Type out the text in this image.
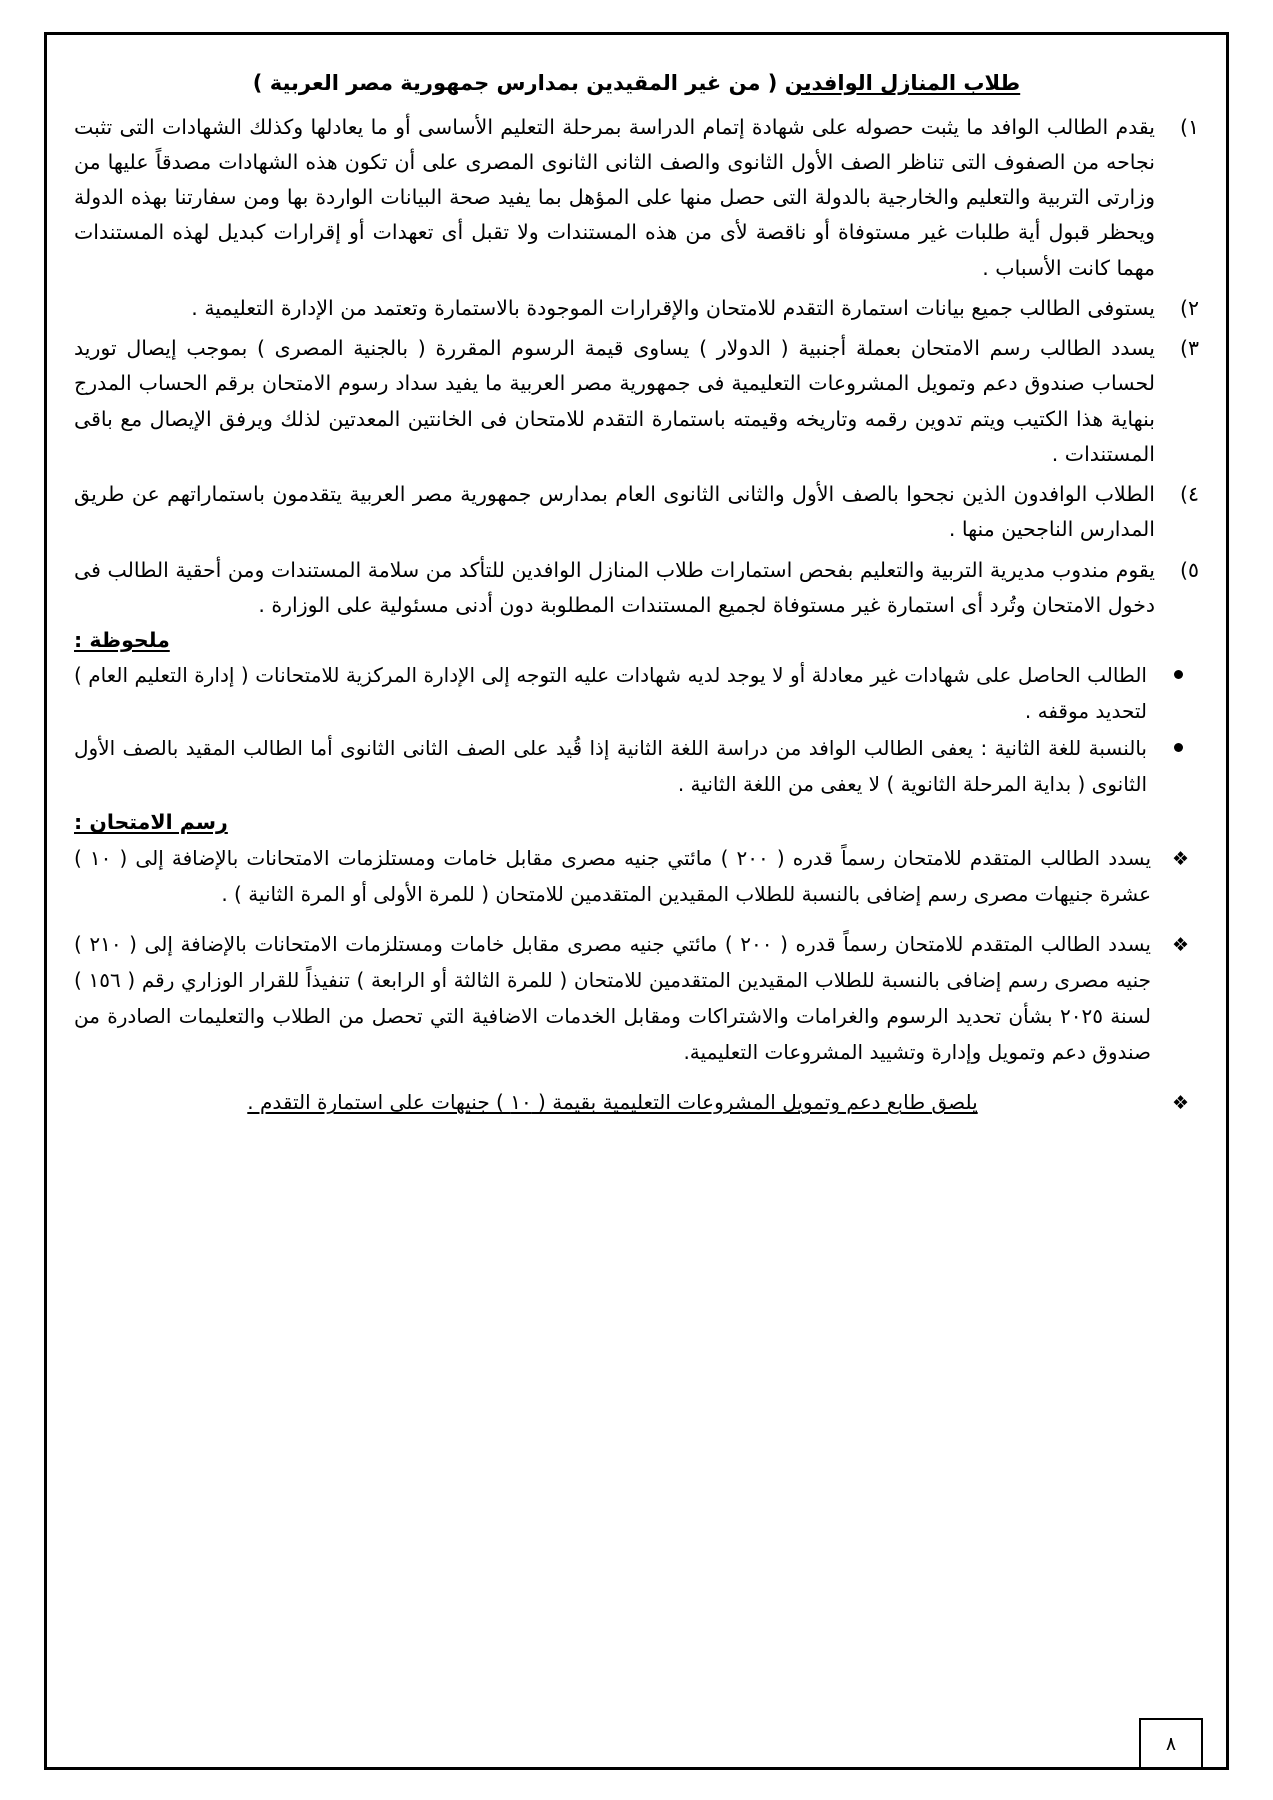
طلاب المنازل الوافدين ( من غير المقيدين بمدارس جمهورية مصر العربية )
١)
يقدم الطالب الوافد ما يثبت حصوله على شهادة إتمام الدراسة بمرحلة التعليم الأساسى أو ما يعادلها وكذلك الشهادات التى تثبت نجاحه من الصفوف التى تناظر الصف الأول الثانوى والصف الثانى الثانوى المصرى على أن تكون هذه الشهادات مصدقاً عليها من وزارتى التربية والتعليم والخارجية بالدولة التى حصل منها على المؤهل بما يفيد صحة البيانات الواردة بها ومن سفارتنا بهذه الدولة ويحظر قبول أية طلبات غير مستوفاة أو ناقصة لأى من هذه المستندات ولا تقبل أى تعهدات أو إقرارات كبديل لهذه المستندات مهما كانت الأسباب .
٢)
يستوفى الطالب جميع بيانات استمارة التقدم للامتحان والإقرارات الموجودة بالاستمارة وتعتمد من الإدارة التعليمية .
٣)
يسدد الطالب رسم الامتحان بعملة أجنبية ( الدولار ) يساوى قيمة الرسوم المقررة ( بالجنية المصرى ) بموجب إيصال توريد لحساب صندوق دعم وتمويل المشروعات التعليمية فى جمهورية مصر العربية ما يفيد سداد رسوم الامتحان برقم الحساب المدرج بنهاية هذا الكتيب ويتم تدوين رقمه وتاريخه وقيمته باستمارة التقدم للامتحان فى الخانتين المعدتين لذلك ويرفق الإيصال مع باقى المستندات .
٤)
الطلاب الوافدون الذين نجحوا بالصف الأول والثانى الثانوى العام بمدارس جمهورية مصر العربية يتقدمون باستماراتهم عن طريق المدارس الناجحين منها .
٥)
يقوم مندوب مديرية التربية والتعليم بفحص استمارات طلاب المنازل الوافدين للتأكد من سلامة المستندات ومن أحقية الطالب فى دخول الامتحان وتُرد أى استمارة غير مستوفاة لجميع المستندات المطلوبة دون أدنى مسئولية على الوزارة .
ملحوظة :
الطالب الحاصل على شهادات غير معادلة أو لا يوجد لديه شهادات عليه التوجه إلى الإدارة المركزية للامتحانات ( إدارة التعليم العام ) لتحديد موقفه .
بالنسبة للغة الثانية : يعفى الطالب الوافد من دراسة اللغة الثانية إذا قُيد على الصف الثانى الثانوى أما الطالب المقيد بالصف الأول الثانوى ( بداية المرحلة الثانوية ) لا يعفى من اللغة الثانية .
رسم الامتحان :
❖
يسدد الطالب المتقدم للامتحان رسماً قدره ( ٢٠٠ ) مائتي جنيه مصرى مقابل خامات ومستلزمات الامتحانات بالإضافة إلى ( ١٠ ) عشرة جنيهات مصرى رسم إضافى بالنسبة للطلاب المقيدين المتقدمين للامتحان ( للمرة الأولى أو المرة الثانية ) .
❖
يسدد الطالب المتقدم للامتحان رسماً قدره ( ٢٠٠ ) مائتي جنيه مصرى مقابل خامات ومستلزمات الامتحانات بالإضافة إلى ( ٢١٠ ) جنيه مصرى رسم إضافى بالنسبة للطلاب المقيدين المتقدمين للامتحان ( للمرة الثالثة أو الرابعة ) تنفيذاً للقرار الوزاري رقم ( ١٥٦ ) لسنة ٢٠٢٥ بشأن تحديد الرسوم والغرامات والاشتراكات ومقابل الخدمات الاضافية التي تحصل من الطلاب والتعليمات الصادرة من صندوق دعم وتمويل وإدارة وتشييد المشروعات التعليمية.
❖
يلصق طابع دعم وتمويل المشروعات التعليمية بقيمة ( ١٠ ) جنيهات على استمارة التقدم .
٨
